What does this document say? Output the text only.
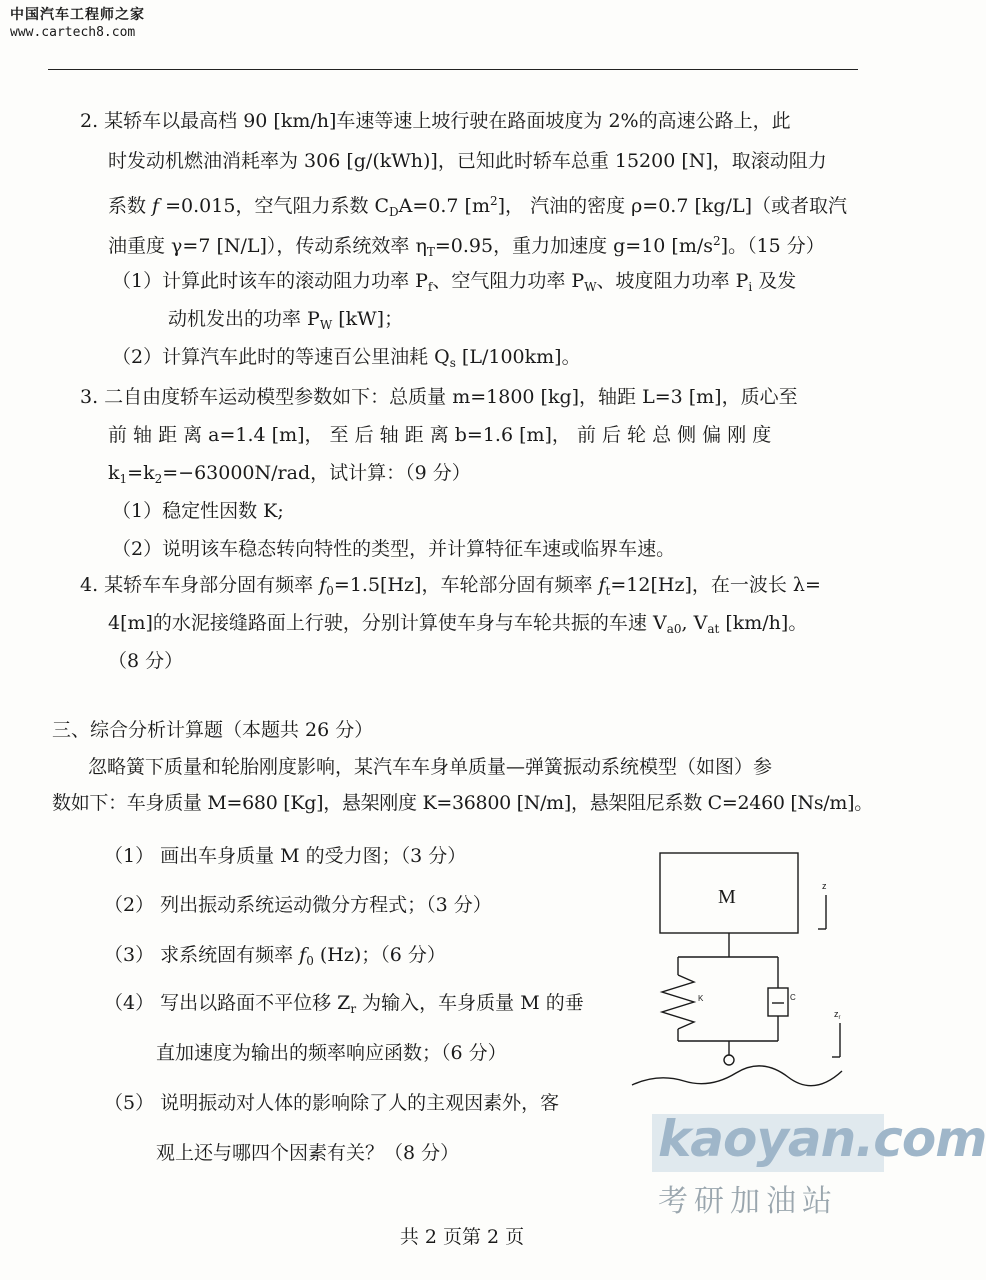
中国汽车工程师之家
www.cartech8.com
2. 某轿车以最高档 90 [km/h]车速等速上坡行驶在路面坡度为 2%的高速公路上，此
时发动机燃油消耗率为 306 [g/(kWh)]，已知此时轿车总重 15200 [N]，取滚动阻力
系数 f =0.015，空气阻力系数 $C_DA=0.7$ $[m^2]$， 汽油的密度 ρ=0.7 [kg/L]（或者取汽
油重度 γ=7 [N/L]），传动系统效率 $\eta_T=0.95$，重力加速度 g=10 $[m/s^2]$。（15 分）
（1）计算此时该车的滚动阻力功率 $P_f$、空气阻力功率 $P_W$、坡度阻力功率 $P_i$ 及发
动机发出的功率 $P_W$ [kW]；
（2）计算汽车此时的等速百公里油耗 $Q_s$ [L/100km]。
3. 二自由度轿车运动模型参数如下：总质量 m=1800 [kg]，轴距 L=3 [m]，质心至
前 轴 距 离 a=1.4 [m]， 至 后 轴 距 离 b=1.6 [m]， 前 后 轮 总 侧 偏 刚 度
$k_1=k_2=-63000N$/rad，试计算：（9 分）
（1）稳定性因数 K;
（2）说明该车稳态转向特性的类型，并计算特征车速或临界车速。
4. 某轿车车身部分固有频率 $f_0=1.5[Hz]$，车轮部分固有频率 $f_t=12[Hz]$，在一波长 λ=
4[m]的水泥接缝路面上行驶，分别计算使车身与车轮共振的车速 $V_{a0}$, $V_{at}$ [km/h]。
（8 分）
三、综合分析计算题（本题共 26 分）
忽略簧下质量和轮胎刚度影响，某汽车车身单质量—弹簧振动系统模型（如图）参
数如下：车身质量 M=680 [Kg]，悬架刚度 K=36800 [N/m]，悬架阻尼系数 C=2460 [Ns/m]。
（1） 画出车身质量 M 的受力图；（3 分）
（2） 列出振动系统运动微分方程式；（3 分）
（3） 求系统固有频率 $f_0$ (Hz)；（6 分）
（4） 写出以路面不平位移 $Z_r$ 为输入，车身质量 M 的垂
直加速度为输出的频率响应函数；（6 分）
（5） 说明振动对人体的影响除了人的主观因素外，客
观上还与哪四个因素有关？（8 分）
M
K	C
z
$z_r$
kaoyan.com
考研加油站
共 2 页第 2 页
